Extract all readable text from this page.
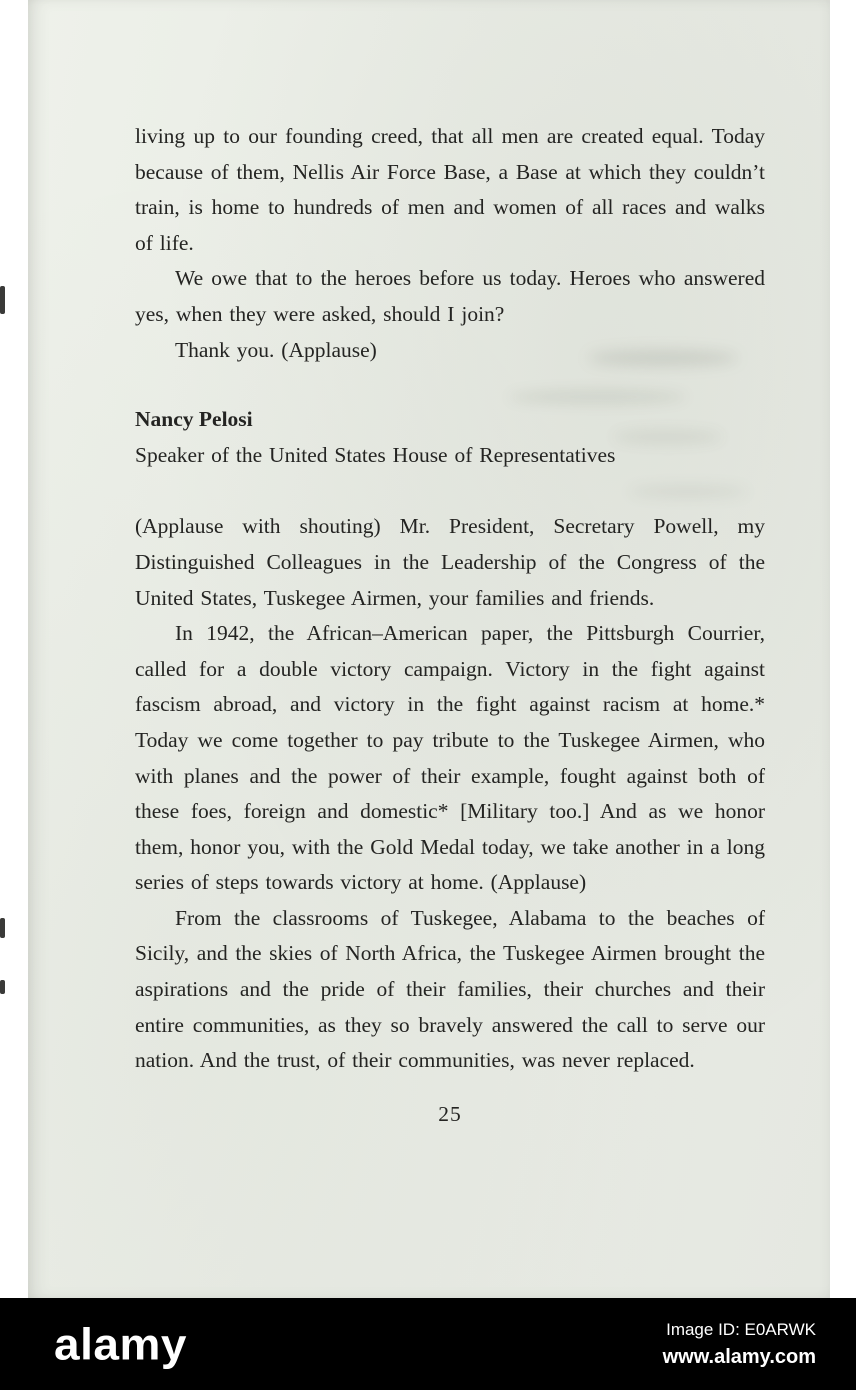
living up to our founding creed, that all men are created equal. Today because of them, Nellis Air Force Base, a Base at which they couldn’t train, is home to hundreds of men and women of all races and walks of life.

We owe that to the heroes before us today. Heroes who answered yes, when they were asked, should I join?

Thank you. (Applause)

Nancy Pelosi

Speaker of the United States House of Representatives

(Applause with shouting) Mr. President, Secretary Powell, my Distinguished Colleagues in the Leadership of the Congress of the United States, Tuskegee Airmen, your families and friends.

In 1942, the African–American paper, the Pittsburgh Courrier, called for a double victory campaign. Victory in the fight against fascism abroad, and victory in the fight against racism at home.* Today we come together to pay tribute to the Tuskegee Airmen, who with planes and the power of their example, fought against both of these foes, foreign and domestic* [Military too.] And as we honor them, honor you, with the Gold Medal today, we take another in a long series of steps towards victory at home. (Applause)

From the classrooms of Tuskegee, Alabama to the beaches of Sicily, and the skies of North Africa, the Tuskegee Airmen brought the aspirations and the pride of their families, their churches and their entire communities, as they so bravely answered the call to serve our nation. And the trust, of their communities, was never replaced.

25
alamy	Image ID: E0ARWK
www.alamy.com
